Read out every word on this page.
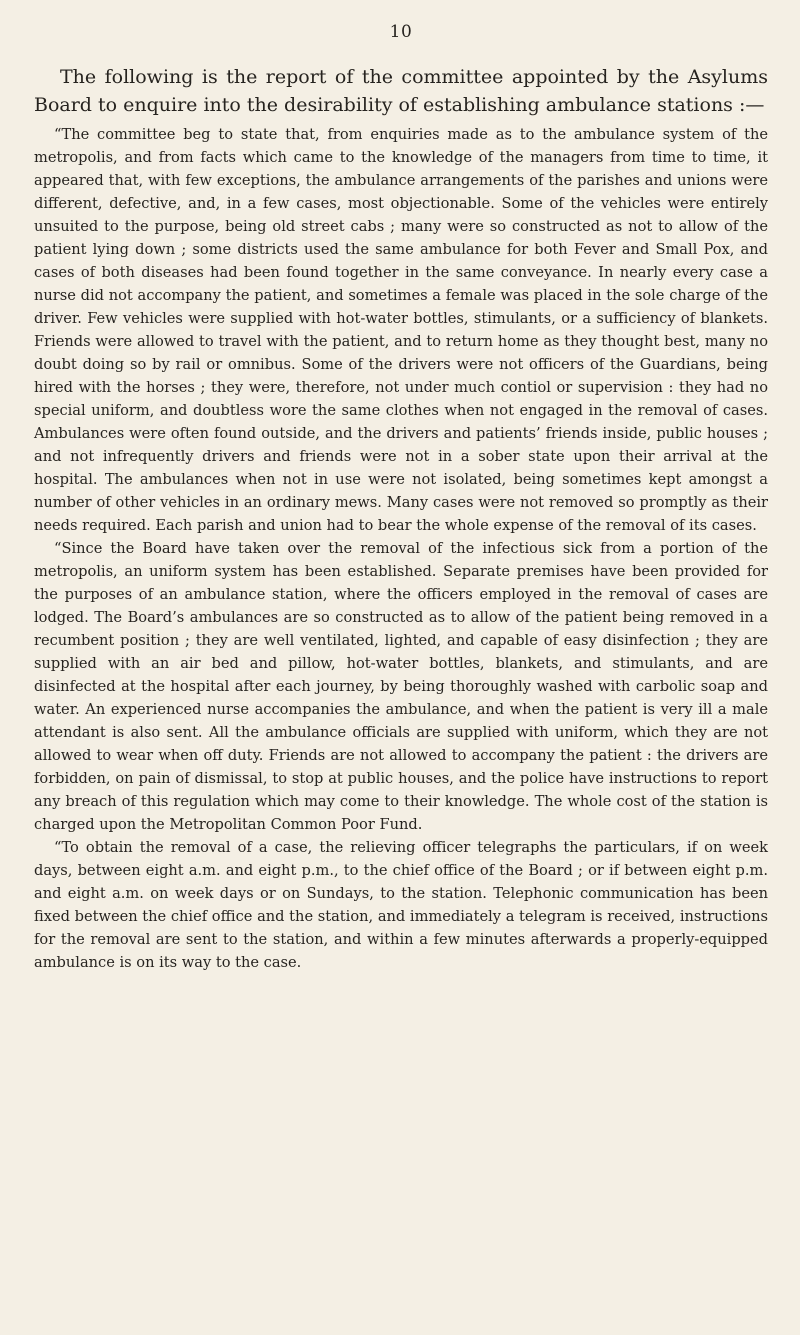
10

The following is the report of the committee appointed by the Asylums Board to enquire into the desirability of establishing ambulance stations :—

“The committee beg to state that, from enquiries made as to the ambulance system of the metropolis, and from facts which came to the knowledge of the managers from time to time, it appeared that, with few exceptions, the ambulance arrangements of the parishes and unions were different, defective, and, in a few cases, most objectionable. Some of the vehicles were entirely unsuited to the purpose, being old street cabs ; many were so constructed as not to allow of the patient lying down ; some districts used the same ambulance for both Fever and Small Pox, and cases of both diseases had been found together in the same conveyance. In nearly every case a nurse did not accompany the patient, and sometimes a female was placed in the sole charge of the driver. Few vehicles were supplied with hot-water bottles, stimulants, or a sufficiency of blankets. Friends were allowed to travel with the patient, and to return home as they thought best, many no doubt doing so by rail or omnibus. Some of the drivers were not officers of the Guardians, being hired with the horses ; they were, therefore, not under much contiol or supervision : they had no special uniform, and doubtless wore the same clothes when not engaged in the removal of cases. Ambulances were often found outside, and the drivers and patients’ friends inside, public houses ; and not infrequently drivers and friends were not in a sober state upon their arrival at the hospital. The ambulances when not in use were not isolated, being sometimes kept amongst a number of other vehicles in an ordinary mews. Many cases were not removed so promptly as their needs required. Each parish and union had to bear the whole expense of the removal of its cases.

“Since the Board have taken over the removal of the infectious sick from a portion of the metropolis, an uniform system has been established. Separate premises have been provided for the purposes of an ambulance station, where the officers employed in the removal of cases are lodged. The Board’s ambulances are so constructed as to allow of the patient being removed in a recumbent position ; they are well ventilated, lighted, and capable of easy disinfection ; they are supplied with an air bed and pillow, hot-water bottles, blankets, and stimulants, and are disinfected at the hospital after each journey, by being thoroughly washed with carbolic soap and water. An experienced nurse accompanies the ambulance, and when the patient is very ill a male attendant is also sent. All the ambulance officials are supplied with uniform, which they are not allowed to wear when off duty. Friends are not allowed to accompany the patient : the drivers are forbidden, on pain of dismissal, to stop at public houses, and the police have instructions to report any breach of this regulation which may come to their knowledge. The whole cost of the station is charged upon the Metropolitan Common Poor Fund.

“To obtain the removal of a case, the relieving officer telegraphs the particulars, if on week days, between eight a.m. and eight p.m., to the chief office of the Board ; or if between eight p.m. and eight a.m. on week days or on Sundays, to the station. Telephonic communication has been fixed between the chief office and the station, and immediately a telegram is received, instructions for the removal are sent to the station, and within a few minutes afterwards a properly-equipped ambulance is on its way to the case.
